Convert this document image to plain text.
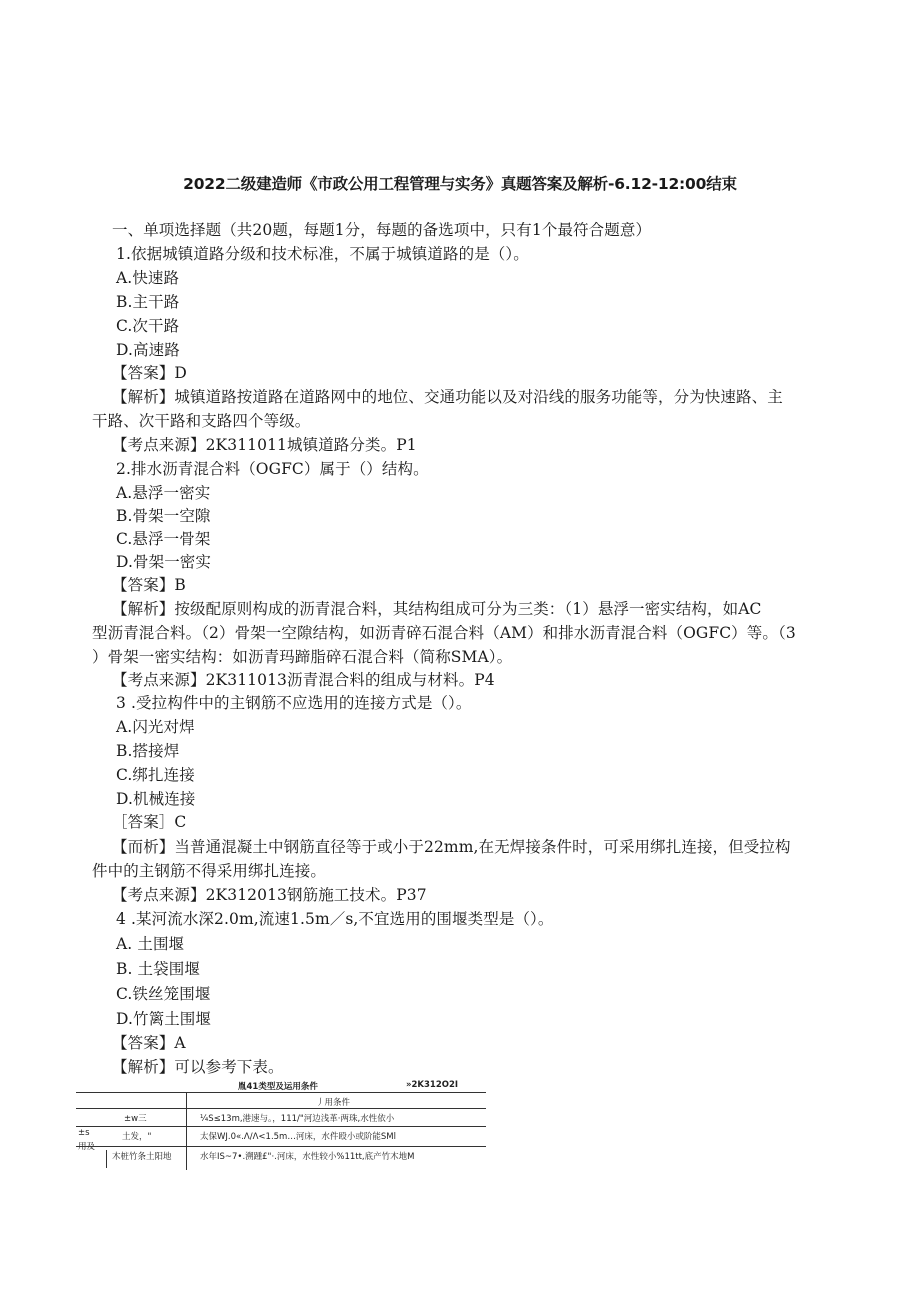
2022二级建造师《市政公用工程管理与实务》真题答案及解析-6.12-12:00结束
一、单项选择题（共20题，每题1分，每题的备选项中，只有1个最符合题意）
1.依据城镇道路分级和技术标准，不属于城镇道路的是（）。
A.快速路
B.主干路
C.次干路
D.高速路
【答案】D
【解析】城镇道路按道路在道路网中的地位、交通功能以及对沿线的服务功能等，分为快速路、主
干路、次干路和支路四个等级。
【考点来源】2K311011城镇道路分类。P1
2.排水沥青混合料（OGFC）属于（）结构。
A.悬浮一密实
B.骨架一空隙
C.悬浮一骨架
D.骨架一密实
【答案】B
【解析】按级配原则构成的沥青混合料，其结构组成可分为三类：（1）悬浮一密实结构，如AC
型沥青混合料。（2）骨架一空隙结构，如沥青碎石混合料（AM）和排水沥青混合料（OGFC）等。（3
）骨架一密实结构：如沥青玛蹄脂碎石混合料（简称SMA）。
【考点来源】2K311013沥青混合料的组成与材料。P4
3 .受拉构件中的主钢筋不应选用的连接方式是（）。
A.闪光对焊
B.搭接焊
C.绑扎连接
D.机械连接
［答案］C
【而析】当普通混凝土中钢筋直径等于或小于22mm,在无焊接条件时，可采用绑扎连接，但受拉构
件中的主钢筋不得采用绑扎连接。
【考点来源】2K312013钢筋施工技术。P37
4 .某河流水深2.0m,流速1.5m／s,不宜选用的围堰类型是（）。
A. 土围堰
B. 土袋围堰
C.铁丝笼围堰
D.竹篱土围堰
【答案】A
【解析】可以参考下表。
胤41类型及运用条件	»2K312O2I
丿用条件
±s
用及
±w三	¼S≤13m,港速与。，111/"河边浅革·两珠,水性依小
土发，"	太保WJ.0«.Λ/Λ<1.5m…河床，水件殴小或阶能SMl
木桩竹条土阳地	水年IS~7•.溯踵£"·.河床，水性较小%11tt,底产竹木地M
